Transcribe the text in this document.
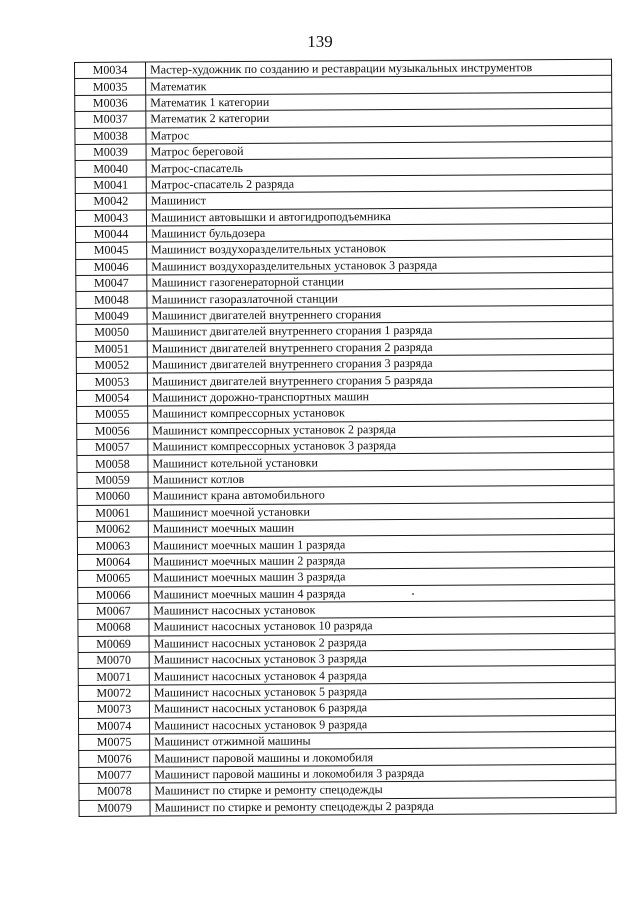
139
M0034	Мастер-художник по созданию и реставрации музыкальных инструментов
M0035	Математик
M0036	Математик 1 категории
M0037	Математик 2 категории
M0038	Матрос
M0039	Матрос береговой
M0040	Матрос-спасатель
M0041	Матрос-спасатель 2 разряда
M0042	Машинист
M0043	Машинист автовышки и автогидроподъемника
M0044	Машинист бульдозера
M0045	Машинист воздухоразделительных установок
M0046	Машинист воздухоразделительных установок 3 разряда
M0047	Машинист газогенераторной станции
M0048	Машинист газоразлаточной станции
M0049	Машинист двигателей внутреннего сгорания
M0050	Машинист двигателей внутреннего сгорания 1 разряда
M0051	Машинист двигателей внутреннего сгорания 2 разряда
M0052	Машинист двигателей внутреннего сгорания 3 разряда
M0053	Машинист двигателей внутреннего сгорания 5 разряда
M0054	Машинист дорожно-транспортных машин
M0055	Машинист компрессорных установок
M0056	Машинист компрессорных установок 2 разряда
M0057	Машинист компрессорных установок 3 разряда
M0058	Машинист котельной установки
M0059	Машинист котлов
M0060	Машинист крана автомобильного
M0061	Машинист моечной установки
M0062	Машинист моечных машин
M0063	Машинист моечных машин 1 разряда
M0064	Машинист моечных машин 2 разряда
M0065	Машинист моечных машин 3 разряда
M0066	Машинист моечных машин 4 разряда
M0067	Машинист насосных установок
M0068	Машинист насосных установок 10 разряда
M0069	Машинист насосных установок 2 разряда
M0070	Машинист насосных установок 3 разряда
M0071	Машинист насосных установок 4 разряда
M0072	Машинист насосных установок 5 разряда
M0073	Машинист насосных установок 6 разряда
M0074	Машинист насосных установок 9 разряда
M0075	Машинист отжимной машины
M0076	Машинист паровой машины и локомобиля
M0077	Машинист паровой машины и локомобиля 3 разряда
M0078	Машинист по стирке и ремонту спецодежды
M0079	Машинист по стирке и ремонту спецодежды 2 разряда
